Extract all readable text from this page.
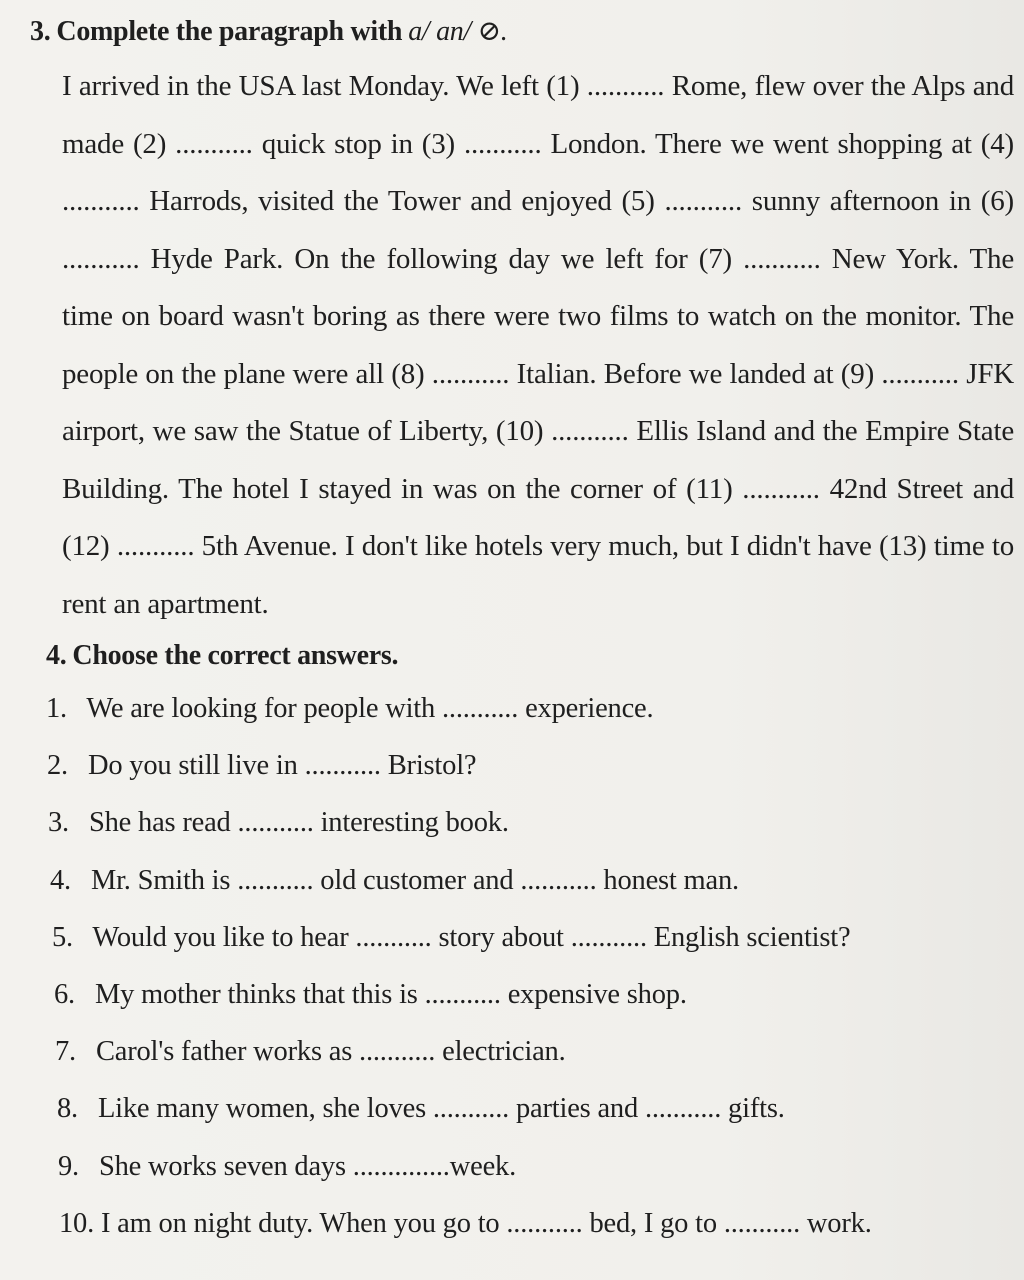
3. Complete the paragraph with a/ an/ ⊘.
I arrived in the USA last Monday. We left (1) ........... Rome, flew over the Alps and made (2) ........... quick stop in (3) ........... London. There we went shopping at (4) ........... Harrods, visited the Tower and enjoyed (5) ........... sunny afternoon in (6) ........... Hyde Park. On the following day we left for (7) ........... New York. The time on board wasn't boring as there were two films to watch on the monitor. The people on the plane were all (8) ........... Italian. Before we landed at (9) ........... JFK airport, we saw the Statue of Liberty, (10) ........... Ellis Island and the Empire State Building. The hotel I stayed in was on the corner of (11) ........... 42nd Street and (12) ........... 5th Avenue. I don't like hotels very much, but I didn't have (13) time to rent an apartment.
4. Choose the correct answers.
1. We are looking for people with ........... experience.
2. Do you still live in ........... Bristol?
3. She has read ........... interesting book.
4. Mr. Smith is ........... old customer and ........... honest man.
5. Would you like to hear ........... story about ........... English scientist?
6. My mother thinks that this is ........... expensive shop.
7. Carol's father works as ........... electrician.
8. Like many women, she loves ........... parties and ........... gifts.
9. She works seven days ..............week.
10. I am on night duty. When you go to ........... bed, I go to ........... work.
